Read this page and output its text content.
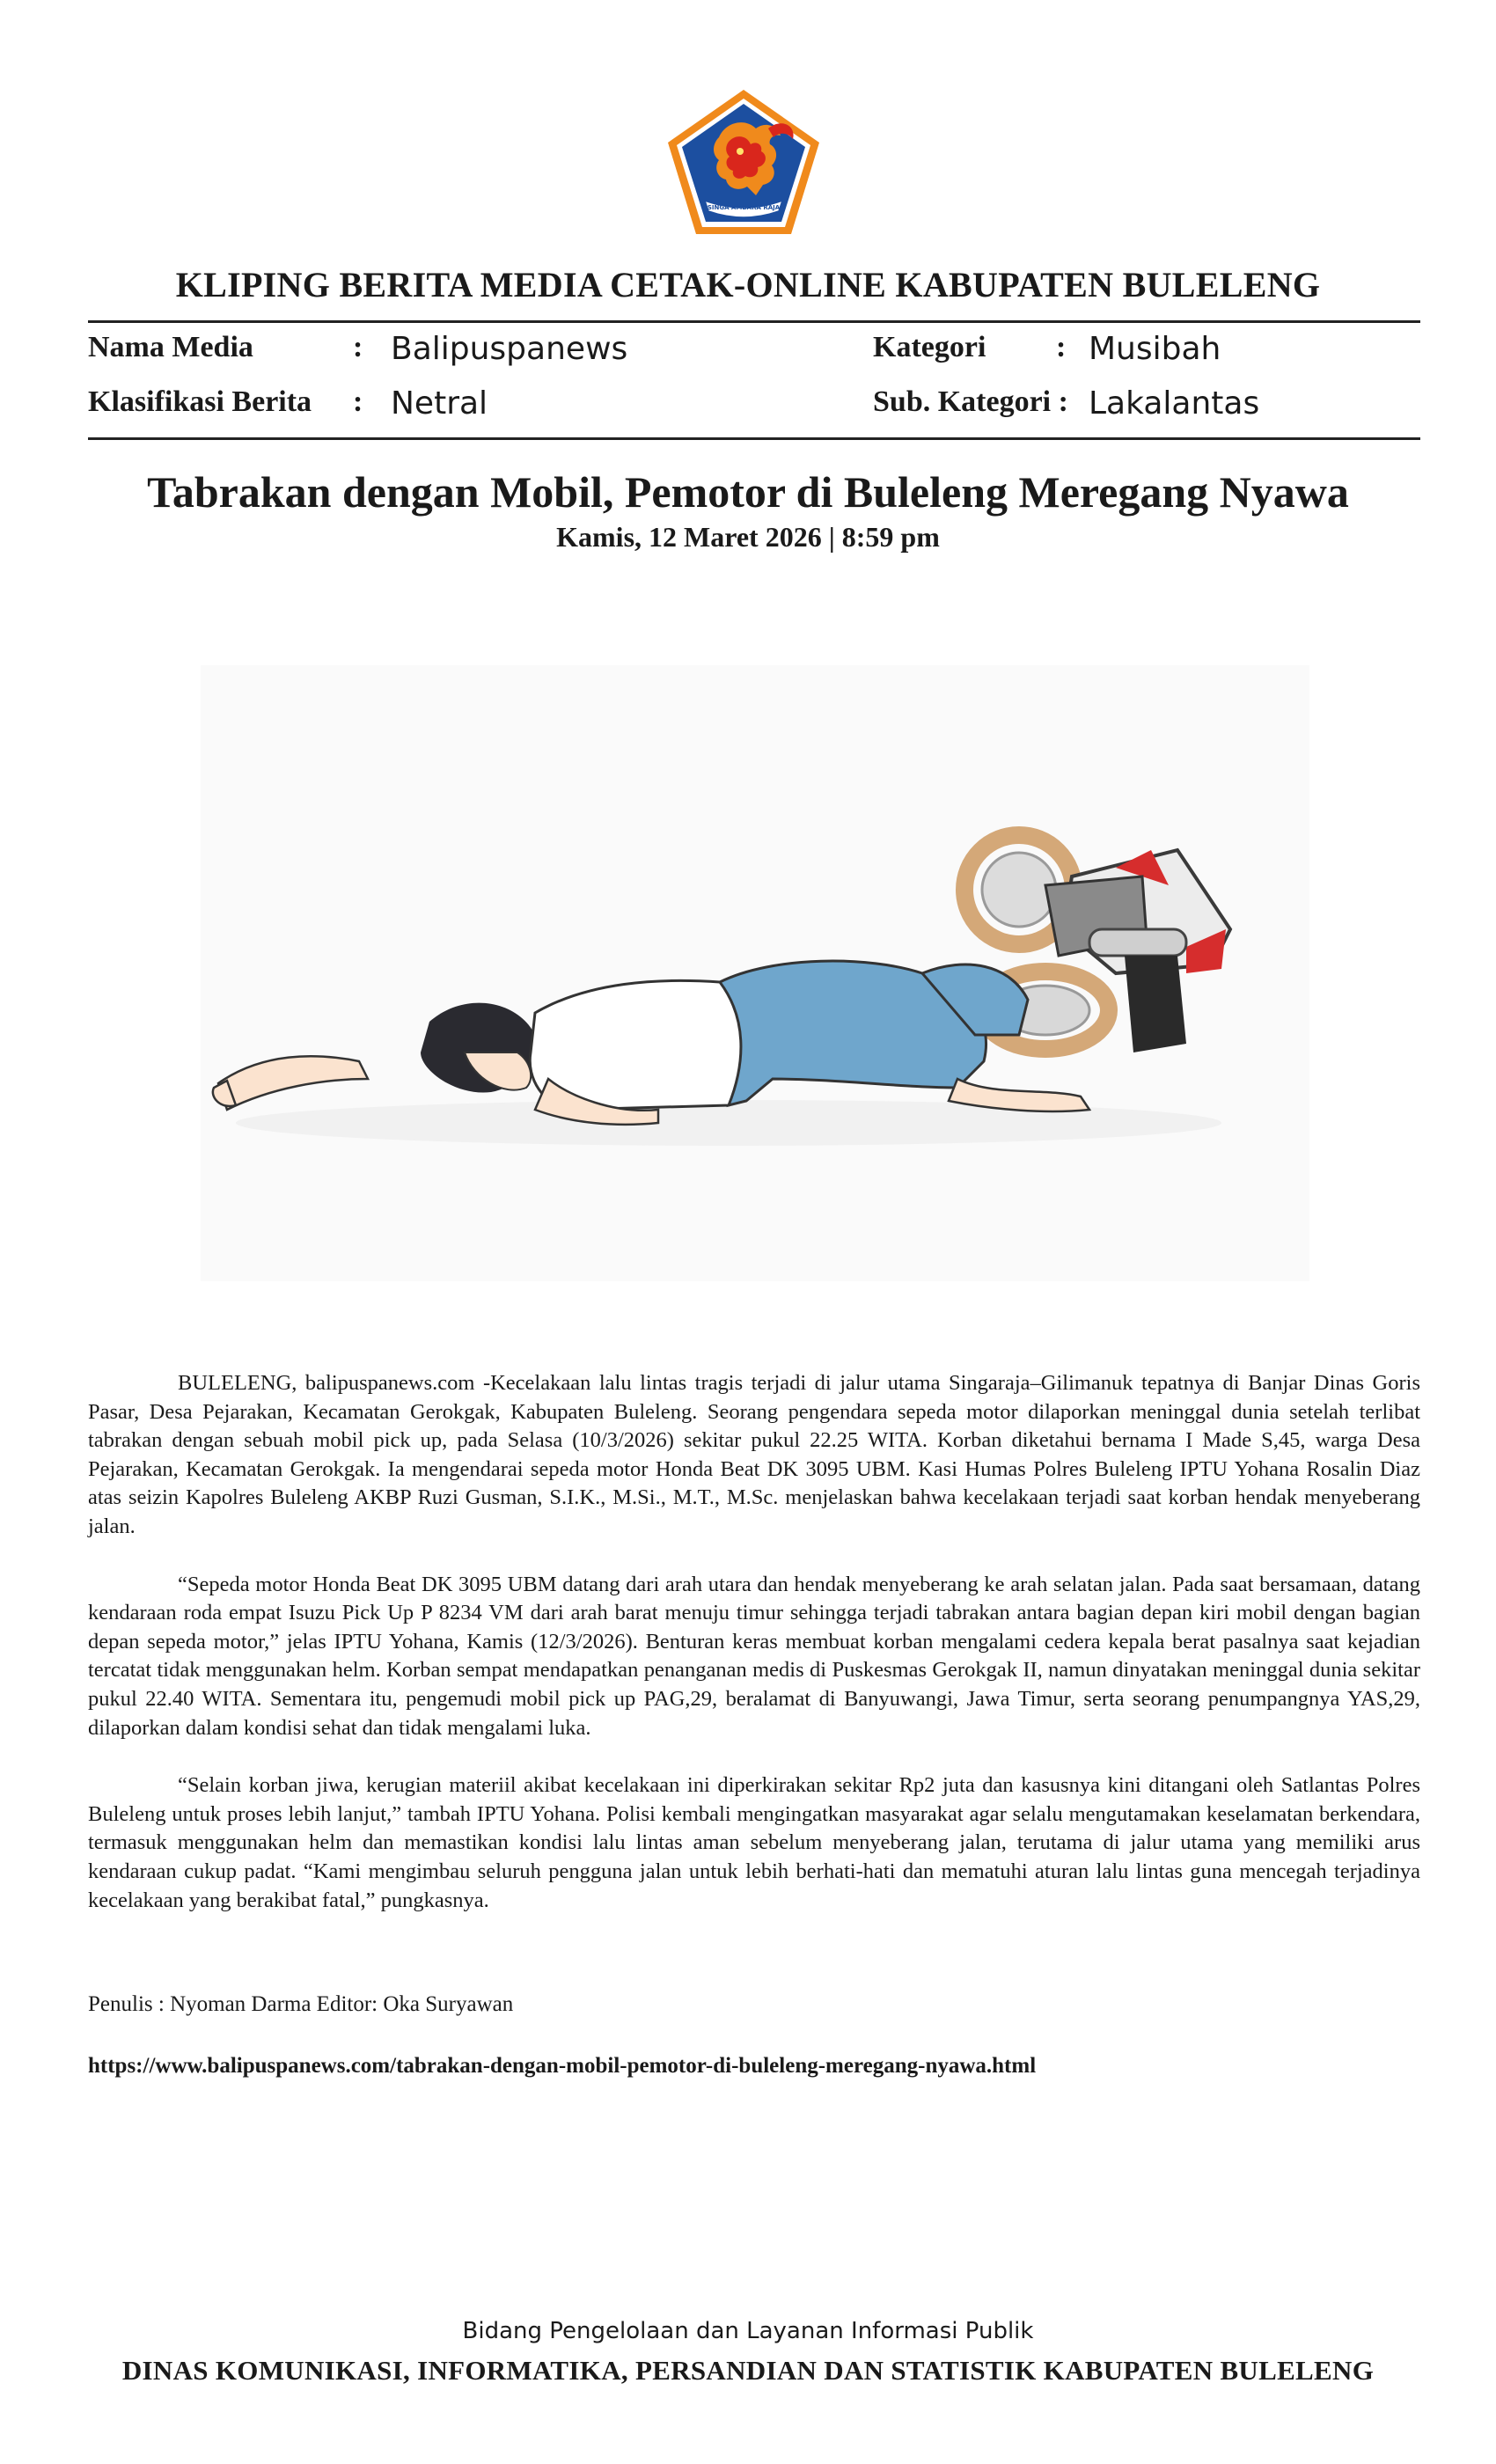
SINGA AMBARA RAJA
KLIPING BERITA MEDIA CETAK-ONLINE KABUPATEN BULELENG
Nama Media	: Balipuspanews
Klasifikasi Berita : Netral
Kategori : Musibah
Sub. Kategori : Lakalantas
Tabrakan dengan Mobil, Pemotor di Buleleng Meregang Nyawa
Kamis, 12 Maret 2026 | 8:59 pm

BULELENG, balipuspanews.com -Kecelakaan lalu lintas tragis terjadi di jalur utama Singaraja–Gilimanuk tepatnya di Banjar Dinas Goris Pasar, Desa Pejarakan, Kecamatan Gerokgak, Kabupaten Buleleng. Seorang pengendara sepeda motor dilaporkan meninggal dunia setelah terlibat tabrakan dengan sebuah mobil pick up, pada Selasa (10/3/2026) sekitar pukul 22.25 WITA. Korban diketahui bernama I Made S,45, warga Desa Pejarakan, Kecamatan Gerokgak. Ia mengendarai sepeda motor Honda Beat DK 3095 UBM. Kasi Humas Polres Buleleng IPTU Yohana Rosalin Diaz atas seizin Kapolres Buleleng AKBP Ruzi Gusman, S.I.K., M.Si., M.T., M.Sc. menjelaskan bahwa kecelakaan terjadi saat korban hendak menyeberang jalan.

“Sepeda motor Honda Beat DK 3095 UBM datang dari arah utara dan hendak menyeberang ke arah selatan jalan. Pada saat bersamaan, datang kendaraan roda empat Isuzu Pick Up P 8234 VM dari arah barat menuju timur sehingga terjadi tabrakan antara bagian depan kiri mobil dengan bagian depan sepeda motor,” jelas IPTU Yohana, Kamis (12/3/2026). Benturan keras membuat korban mengalami cedera kepala berat pasalnya saat kejadian tercatat tidak menggunakan helm. Korban sempat mendapatkan penanganan medis di Puskesmas Gerokgak II, namun dinyatakan meninggal dunia sekitar pukul 22.40 WITA. Sementara itu, pengemudi mobil pick up PAG,29, beralamat di Banyuwangi, Jawa Timur, serta seorang penumpangnya YAS,29, dilaporkan dalam kondisi sehat dan tidak mengalami luka.

“Selain korban jiwa, kerugian materiil akibat kecelakaan ini diperkirakan sekitar Rp2 juta dan kasusnya kini ditangani oleh Satlantas Polres Buleleng untuk proses lebih lanjut,” tambah IPTU Yohana. Polisi kembali mengingatkan masyarakat agar selalu mengutamakan keselamatan berkendara, termasuk menggunakan helm dan memastikan kondisi lalu lintas aman sebelum menyeberang jalan, terutama di jalur utama yang memiliki arus kendaraan cukup padat. “Kami mengimbau seluruh pengguna jalan untuk lebih berhati-hati dan mematuhi aturan lalu lintas guna mencegah terjadinya kecelakaan yang berakibat fatal,” pungkasnya.

Penulis : Nyoman Darma Editor: Oka Suryawan
https://www.balipuspanews.com/tabrakan-dengan-mobil-pemotor-di-buleleng-meregang-nyawa.html
Bidang Pengelolaan dan Layanan Informasi Publik
DINAS KOMUNIKASI, INFORMATIKA, PERSANDIAN DAN STATISTIK KABUPATEN BULELENG
